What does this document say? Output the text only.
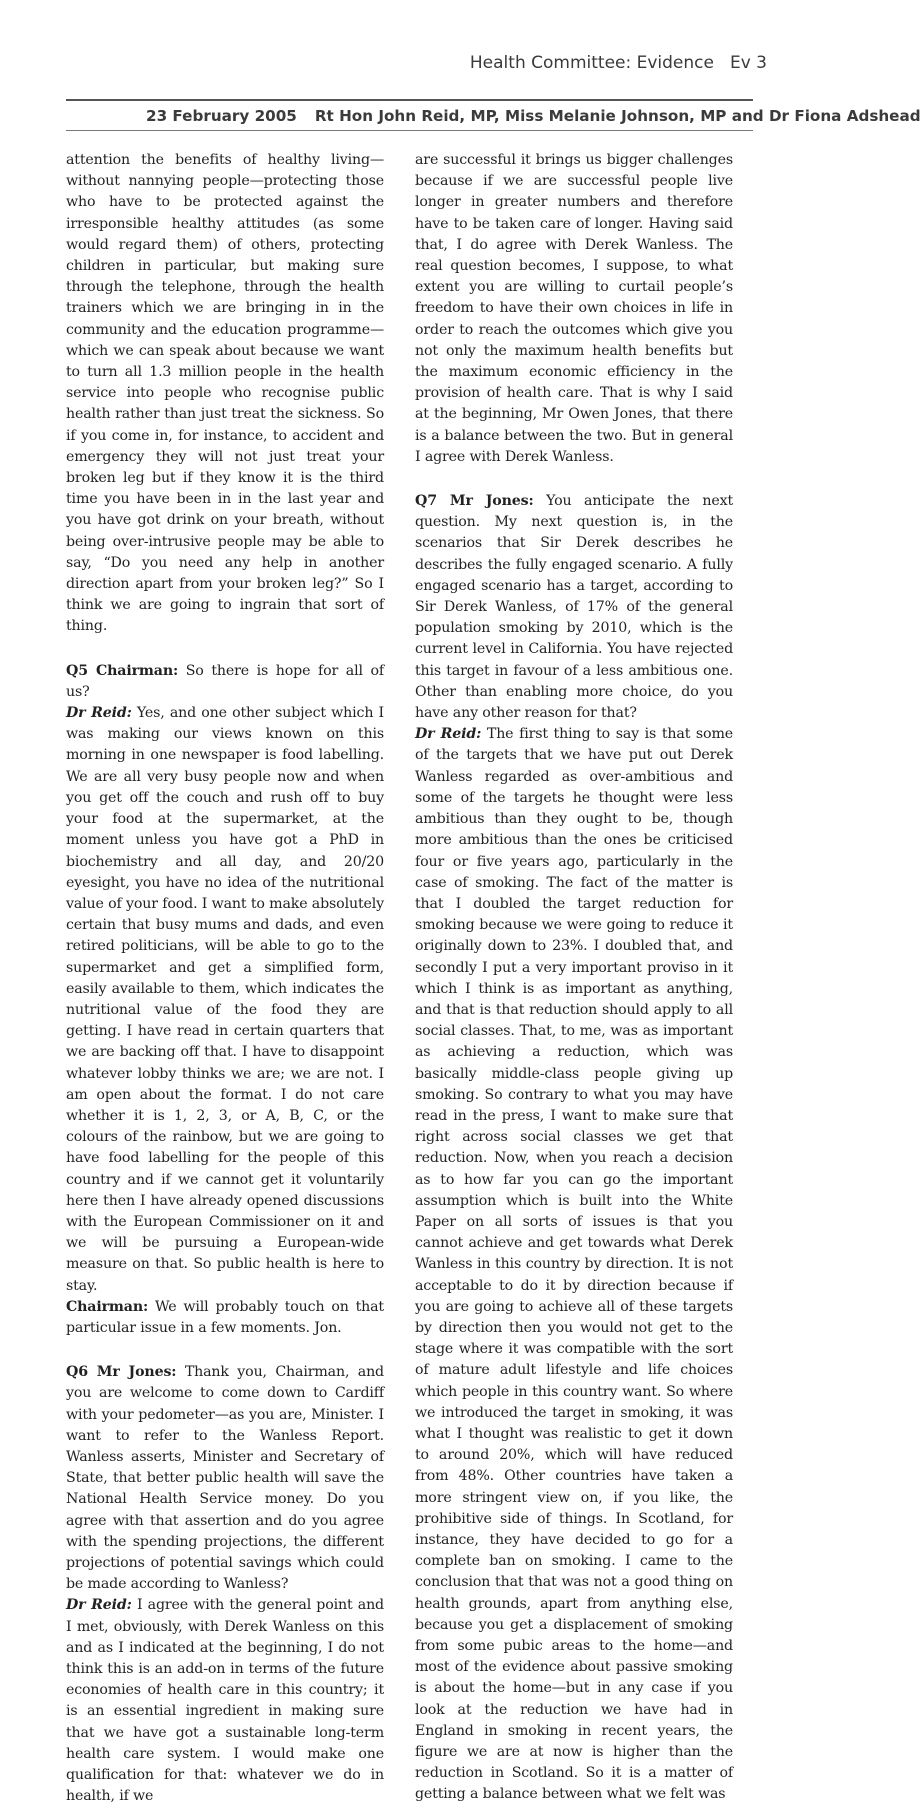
Health Committee: Evidence Ev 3
23 February 2005 Rt Hon John Reid, MP, Miss Melanie Johnson, MP and Dr Fiona Adshead

attention the benefits of healthy living—without nannying people—protecting those who have to be protected against the irresponsible healthy attitudes (as some would regard them) of others, protecting children in particular, but making sure through the telephone, through the health trainers which we are bringing in in the community and the education programme—which we can speak about because we want to turn all 1.3 million people in the health service into people who recognise public health rather than just treat the sickness. So if you come in, for instance, to accident and emergency they will not just treat your broken leg but if they know it is the third time you have been in in the last year and you have got drink on your breath, without being over-intrusive people may be able to say, “Do you need any help in another direction apart from your broken leg?” So I think we are going to ingrain that sort of thing.

Q5 Chairman: So there is hope for all of us?

Dr Reid: Yes, and one other subject which I was making our views known on this morning in one newspaper is food labelling. We are all very busy people now and when you get off the couch and rush off to buy your food at the supermarket, at the moment unless you have got a PhD in biochemistry and all day, and 20/20 eyesight, you have no idea of the nutritional value of your food. I want to make absolutely certain that busy mums and dads, and even retired politicians, will be able to go to the supermarket and get a simplified form, easily available to them, which indicates the nutritional value of the food they are getting. I have read in certain quarters that we are backing off that. I have to disappoint whatever lobby thinks we are; we are not. I am open about the format. I do not care whether it is 1, 2, 3, or A, B, C, or the colours of the rainbow, but we are going to have food labelling for the people of this country and if we cannot get it voluntarily here then I have already opened discussions with the European Commissioner on it and we will be pursuing a European-wide measure on that. So public health is here to stay.

Chairman: We will probably touch on that particular issue in a few moments. Jon.

Q6 Mr Jones: Thank you, Chairman, and you are welcome to come down to Cardiff with your pedometer—as you are, Minister. I want to refer to the Wanless Report. Wanless asserts, Minister and Secretary of State, that better public health will save the National Health Service money. Do you agree with that assertion and do you agree with the spending projections, the different projections of potential savings which could be made according to Wanless?

Dr Reid: I agree with the general point and I met, obviously, with Derek Wanless on this and as I indicated at the beginning, I do not think this is an add-on in terms of the future economies of health care in this country; it is an essential ingredient in making sure that we have got a sustainable long-term health care system. I would make one qualification for that: whatever we do in health, if we

are successful it brings us bigger challenges because if we are successful people live longer in greater numbers and therefore have to be taken care of longer. Having said that, I do agree with Derek Wanless. The real question becomes, I suppose, to what extent you are willing to curtail people’s freedom to have their own choices in life in order to reach the outcomes which give you not only the maximum health benefits but the maximum economic efficiency in the provision of health care. That is why I said at the beginning, Mr Owen Jones, that there is a balance between the two. But in general I agree with Derek Wanless.

Q7 Mr Jones: You anticipate the next question. My next question is, in the scenarios that Sir Derek describes he describes the fully engaged scenario. A fully engaged scenario has a target, according to Sir Derek Wanless, of 17% of the general population smoking by 2010, which is the current level in California. You have rejected this target in favour of a less ambitious one. Other than enabling more choice, do you have any other reason for that?

Dr Reid: The first thing to say is that some of the targets that we have put out Derek Wanless regarded as over-ambitious and some of the targets he thought were less ambitious than they ought to be, though more ambitious than the ones be criticised four or five years ago, particularly in the case of smoking. The fact of the matter is that I doubled the target reduction for smoking because we were going to reduce it originally down to 23%. I doubled that, and secondly I put a very important proviso in it which I think is as important as anything, and that is that reduction should apply to all social classes. That, to me, was as important as achieving a reduction, which was basically middle-class people giving up smoking. So contrary to what you may have read in the press, I want to make sure that right across social classes we get that reduction. Now, when you reach a decision as to how far you can go the important assumption which is built into the White Paper on all sorts of issues is that you cannot achieve and get towards what Derek Wanless in this country by direction. It is not acceptable to do it by direction because if you are going to achieve all of these targets by direction then you would not get to the stage where it was compatible with the sort of mature adult lifestyle and life choices which people in this country want. So where we introduced the target in smoking, it was what I thought was realistic to get it down to around 20%, which will have reduced from 48%. Other countries have taken a more stringent view on, if you like, the prohibitive side of things. In Scotland, for instance, they have decided to go for a complete ban on smoking. I came to the conclusion that that was not a good thing on health grounds, apart from anything else, because you get a displacement of smoking from some pubic areas to the home—and most of the evidence about passive smoking is about the home—but in any case if you look at the reduction we have had in England in smoking in recent years, the figure we are at now is higher than the reduction in Scotland. So it is a matter of getting a balance between what we felt was
